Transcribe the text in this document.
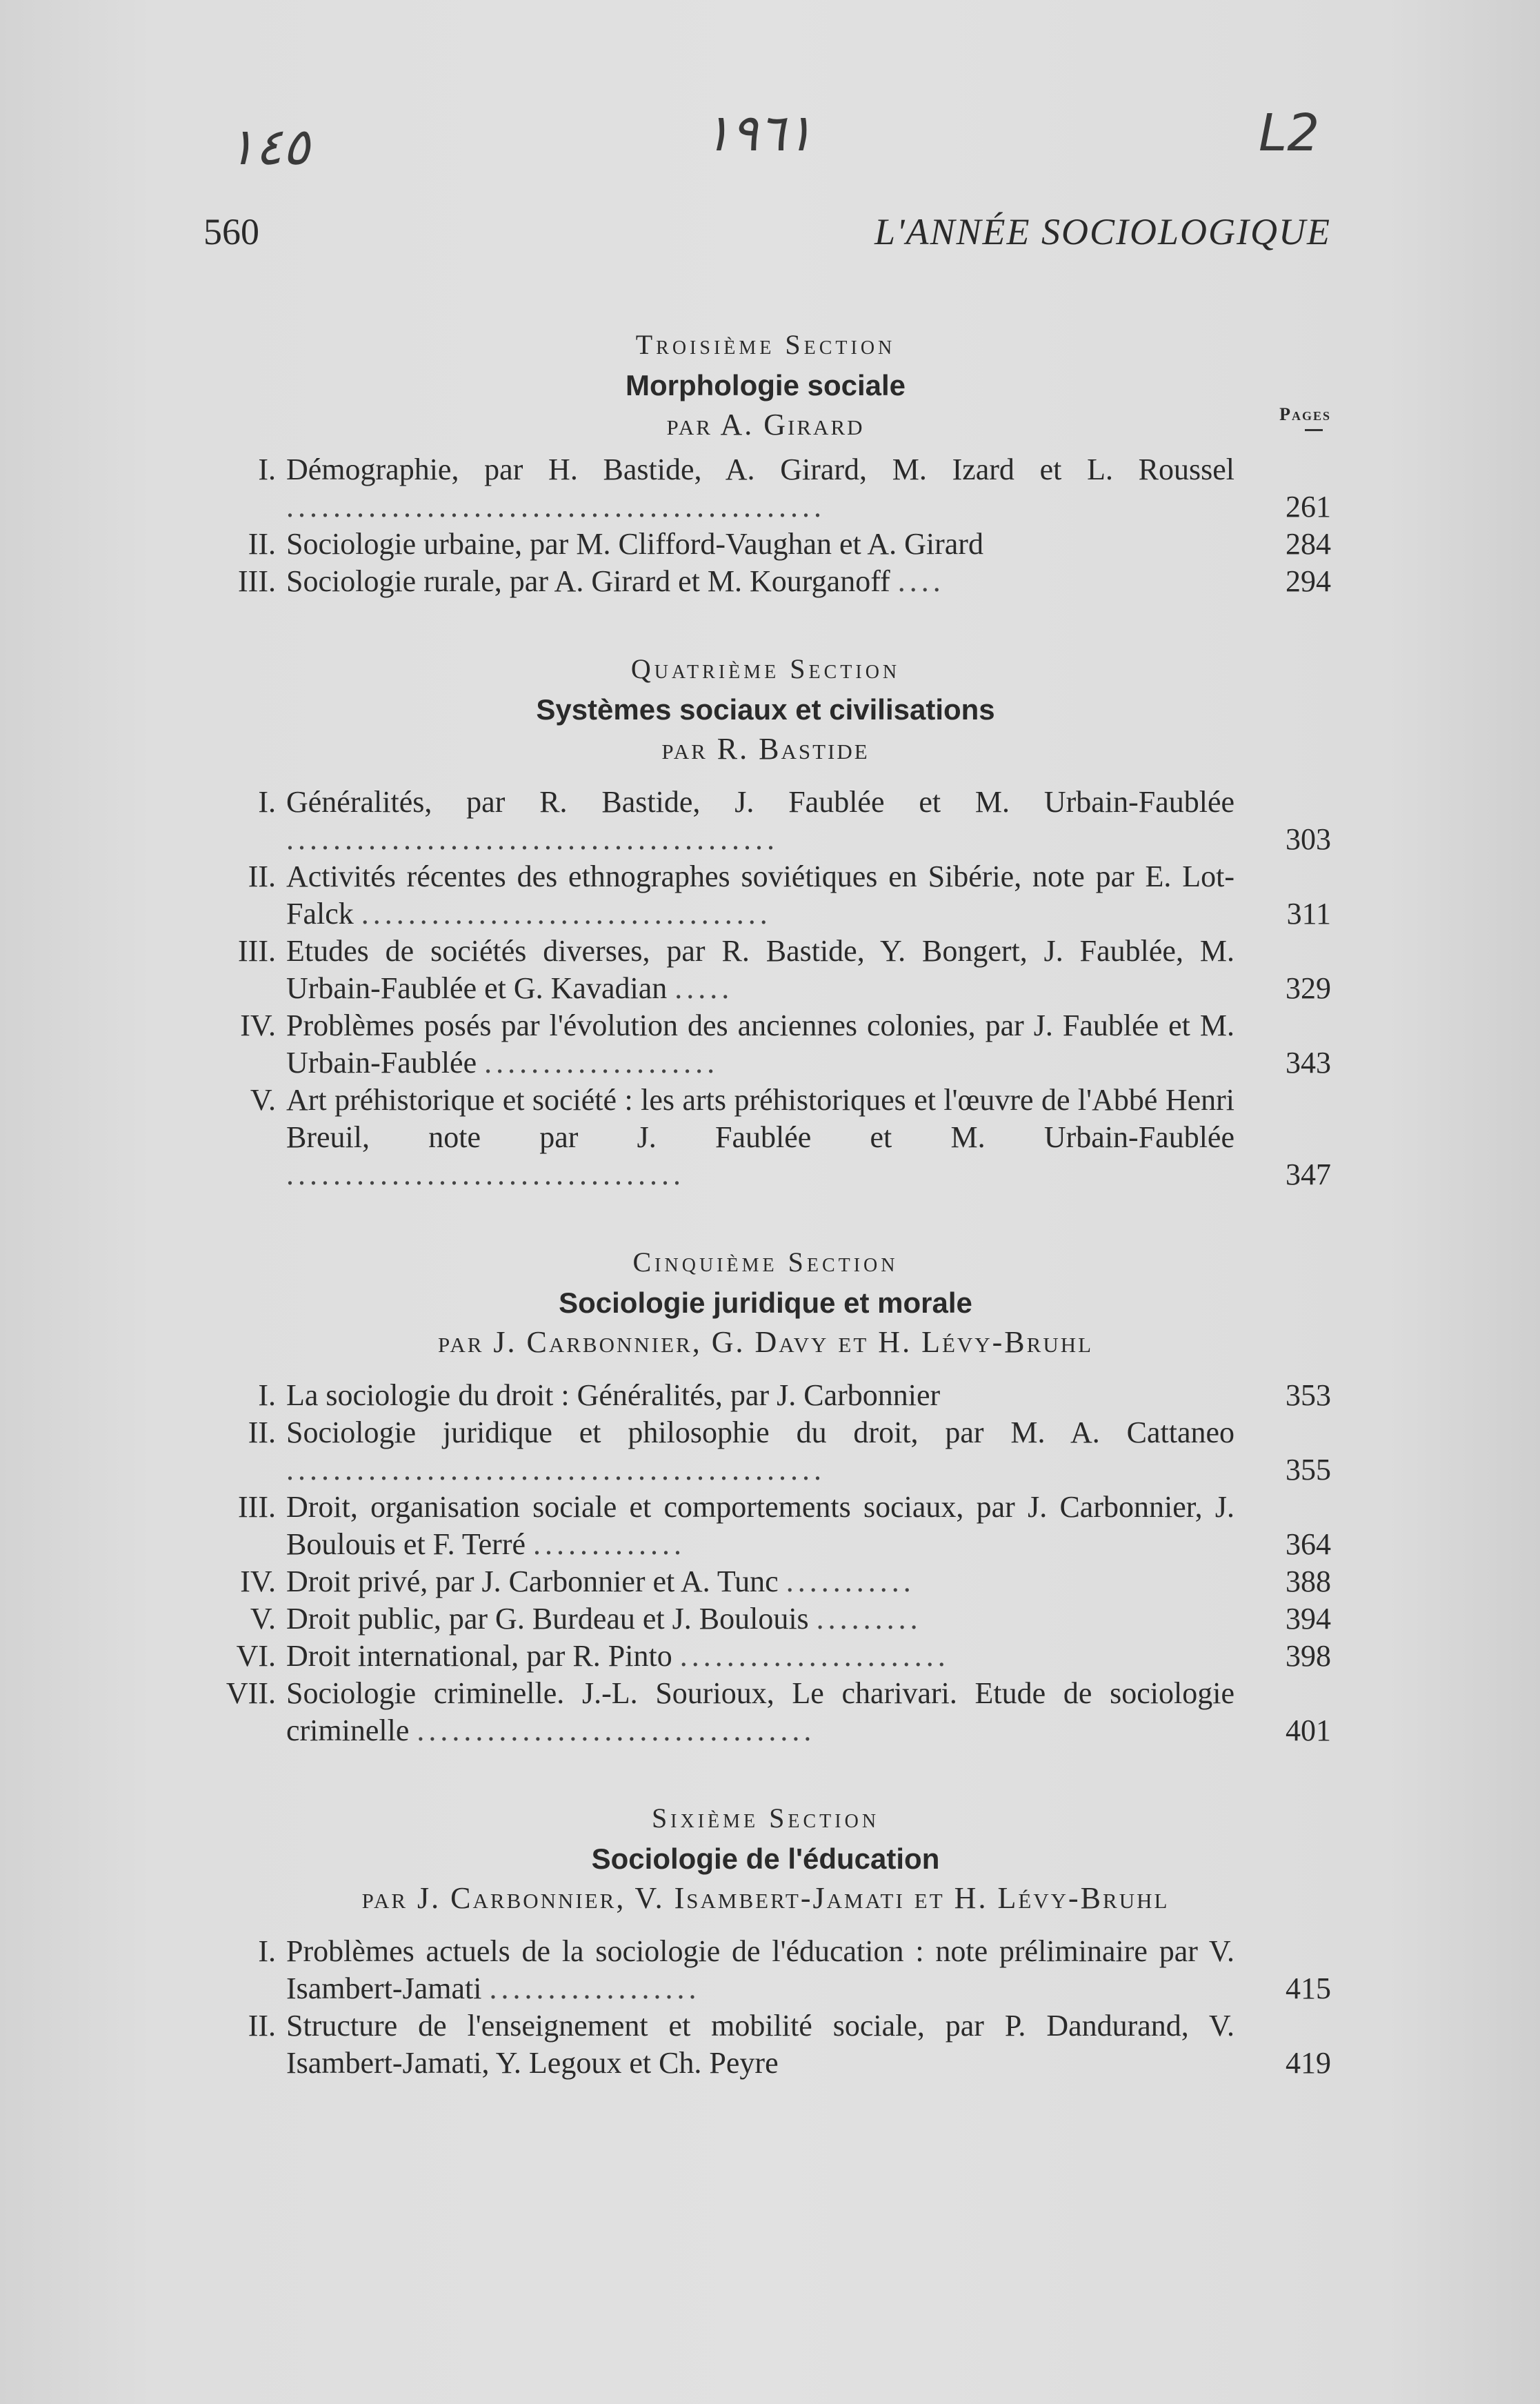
١٤٥	١٩٦١	L2
560	L'ANNÉE SOCIOLOGIQUE
Troisième Section
Morphologie sociale
par A. Girard	Pages
I. Démographie, par H. Bastide, A. Girard, M. Izard et L. Roussel ..............................................	261
II. Sociologie urbaine, par M. Clifford-Vaughan et A. Girard	284
III. Sociologie rurale, par A. Girard et M. Kourganoff ....	294
Quatrième Section
Systèmes sociaux et civilisations
par R. Bastide
I. Généralités, par R. Bastide, J. Faublée et M. Urbain-Faublée ..........................................	303
II. Activités récentes des ethnographes soviétiques en Sibérie, note par E. Lot-Falck ...................................	311
III. Etudes de sociétés diverses, par R. Bastide, Y. Bongert, J. Faublée, M. Urbain-Faublée et G. Kavadian .....	329
IV. Problèmes posés par l'évolution des anciennes colonies, par J. Faublée et M. Urbain-Faublée ....................	343
V. Art préhistorique et société : les arts préhistoriques et l'œuvre de l'Abbé Henri Breuil, note par J. Faublée et M. Urbain-Faublée ..................................	347
Cinquième Section
Sociologie juridique et morale
par J. Carbonnier, G. Davy et H. Lévy-Bruhl
I. La sociologie du droit : Généralités, par J. Carbonnier	353
II. Sociologie juridique et philosophie du droit, par M. A. Cattaneo ..............................................	355
III. Droit, organisation sociale et comportements sociaux, par J. Carbonnier, J. Boulouis et F. Terré .............	364
IV. Droit privé, par J. Carbonnier et A. Tunc ...........	388
V. Droit public, par G. Burdeau et J. Boulouis .........	394
VI. Droit international, par R. Pinto .......................	398
VII. Sociologie criminelle. J.-L. Sourioux, Le charivari. Etude de sociologie criminelle ..................................	401
Sixième Section
Sociologie de l'éducation
par J. Carbonnier, V. Isambert-Jamati et H. Lévy-Bruhl
I. Problèmes actuels de la sociologie de l'éducation : note préliminaire par V. Isambert-Jamati ..................	415
II. Structure de l'enseignement et mobilité sociale, par P. Dandurand, V. Isambert-Jamati, Y. Legoux et Ch. Peyre	419
